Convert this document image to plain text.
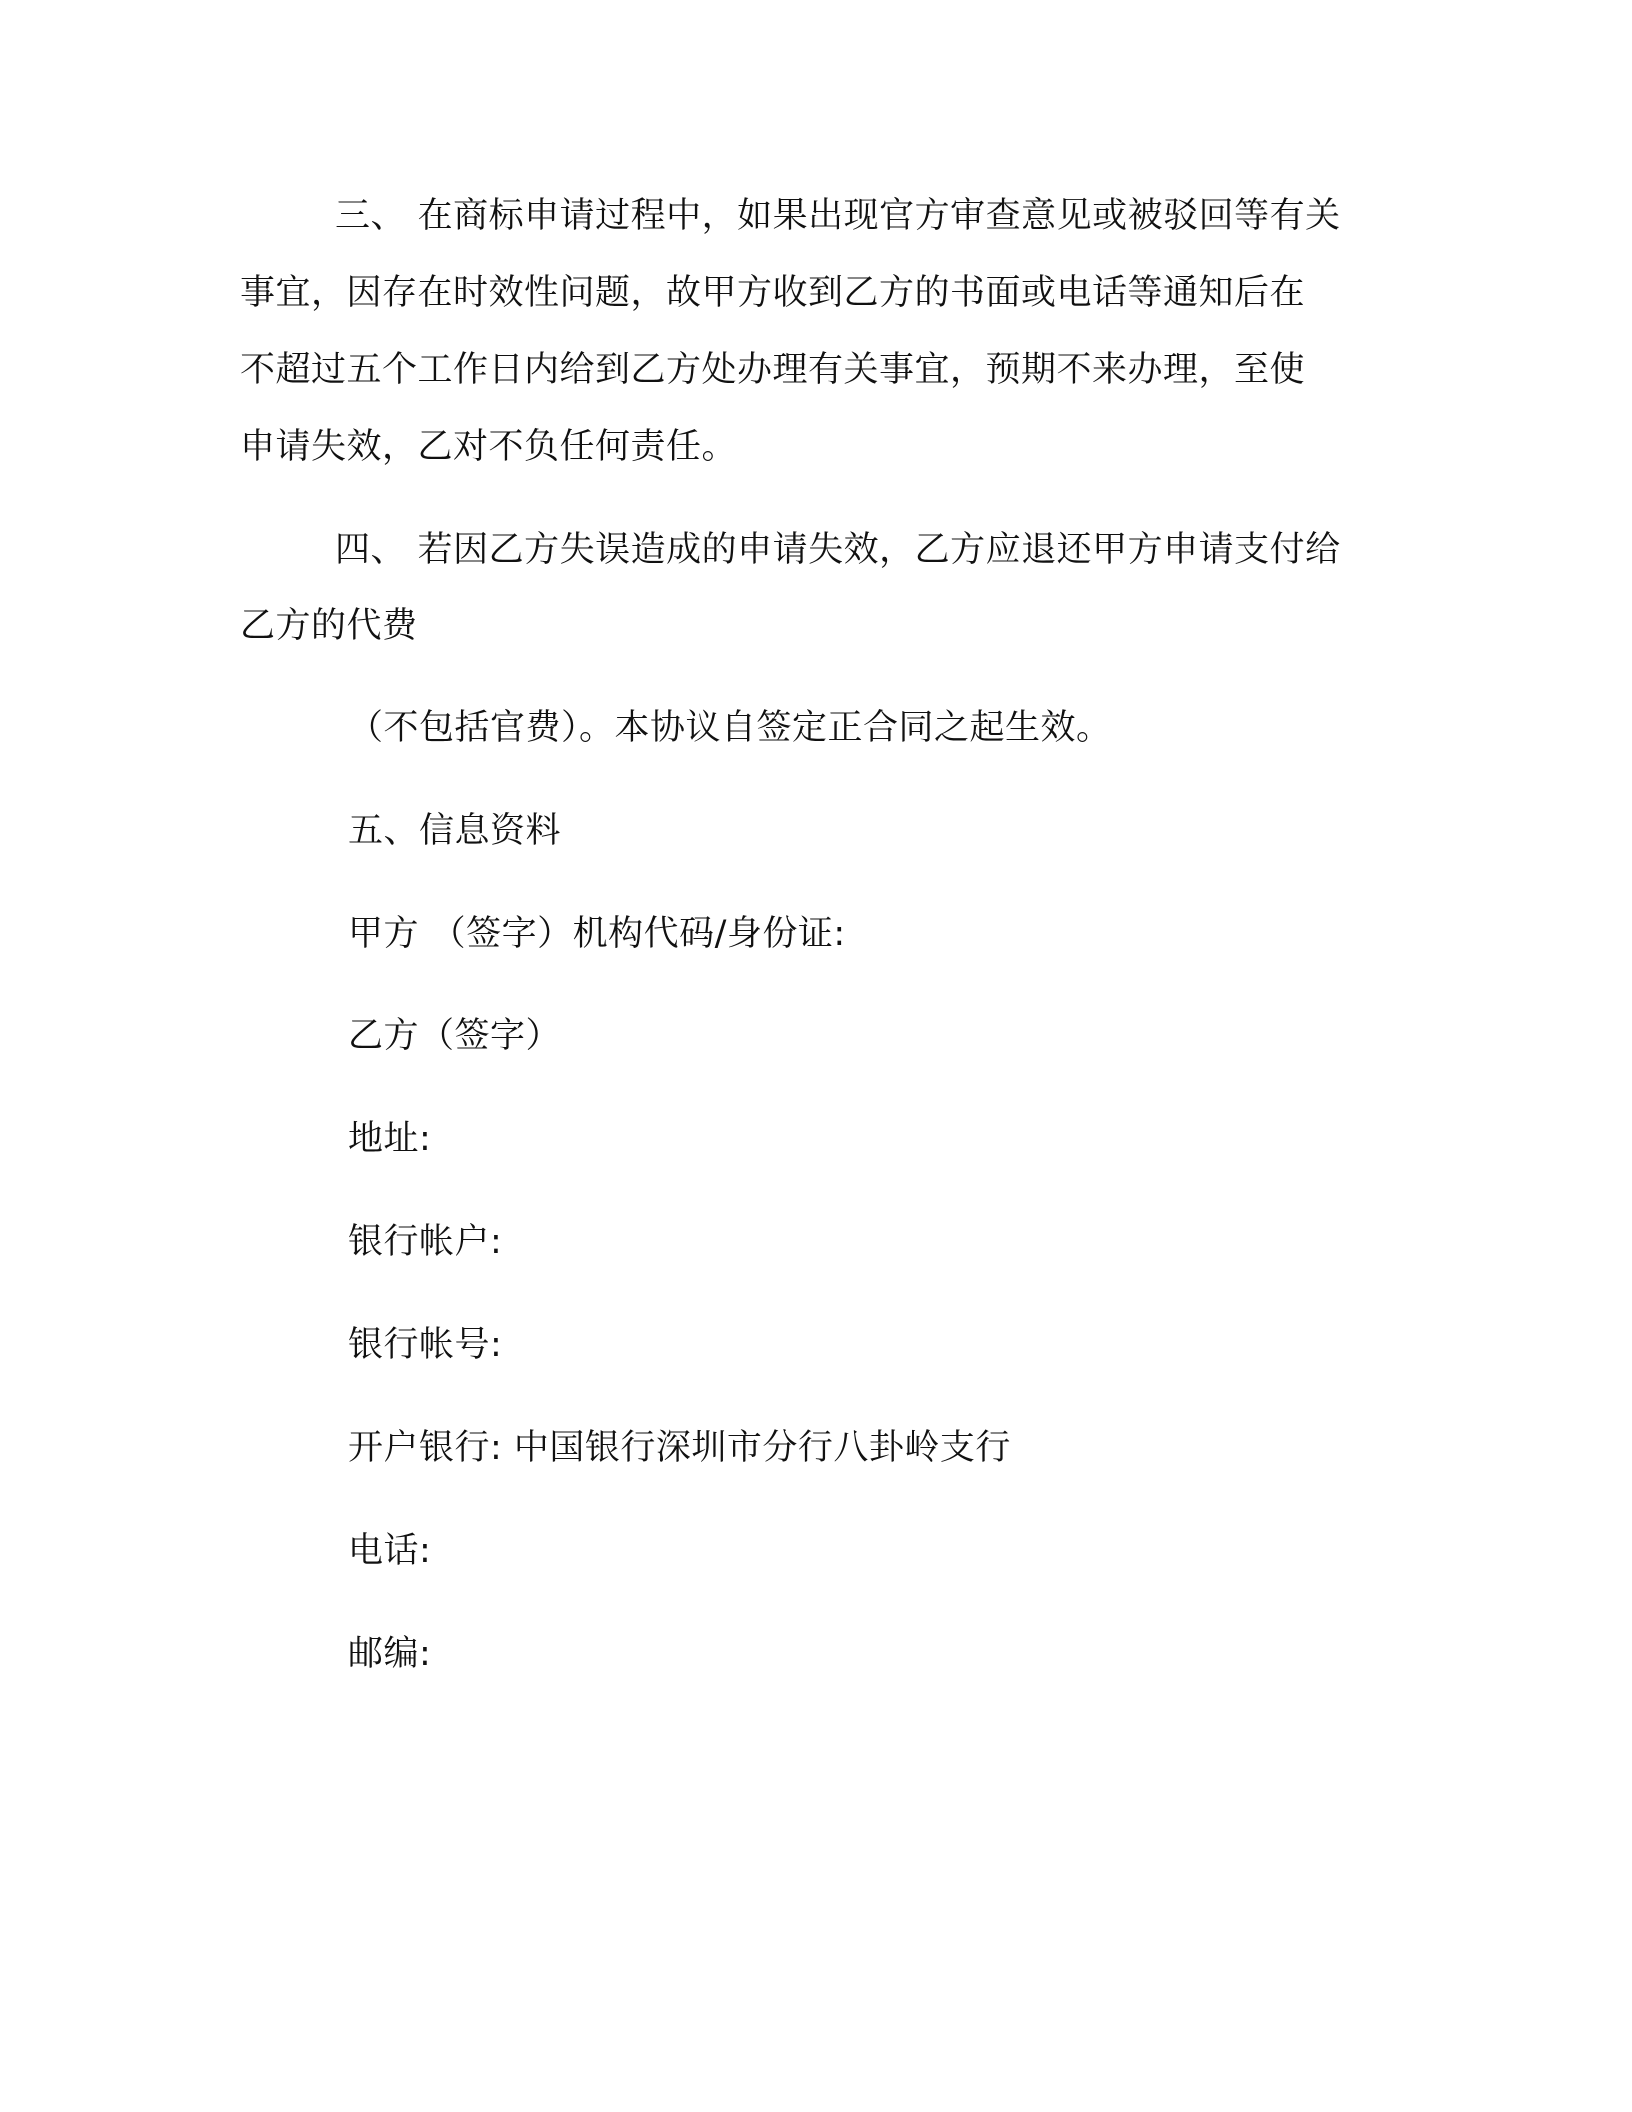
三、 在商标申请过程中，如果出现官方审查意见或被驳回等有关
事宜，因存在时效性问题，故甲方收到乙方的书面或电话等通知后在
不超过五个工作日内给到乙方处办理有关事宜，预期不来办理，至使
申请失效，乙对不负任何责任。
四、 若因乙方失误造成的申请失效，乙方应退还甲方申请支付给
乙方的代费
（不包括官费）。本协议自签定正合同之起生效。
五、信息资料
甲方 （签字）机构代码/身份证:
乙方（签字）
地址:
银行帐户:
银行帐号:
开户银行: 中国银行深圳市分行八卦岭支行
电话:
邮编:
